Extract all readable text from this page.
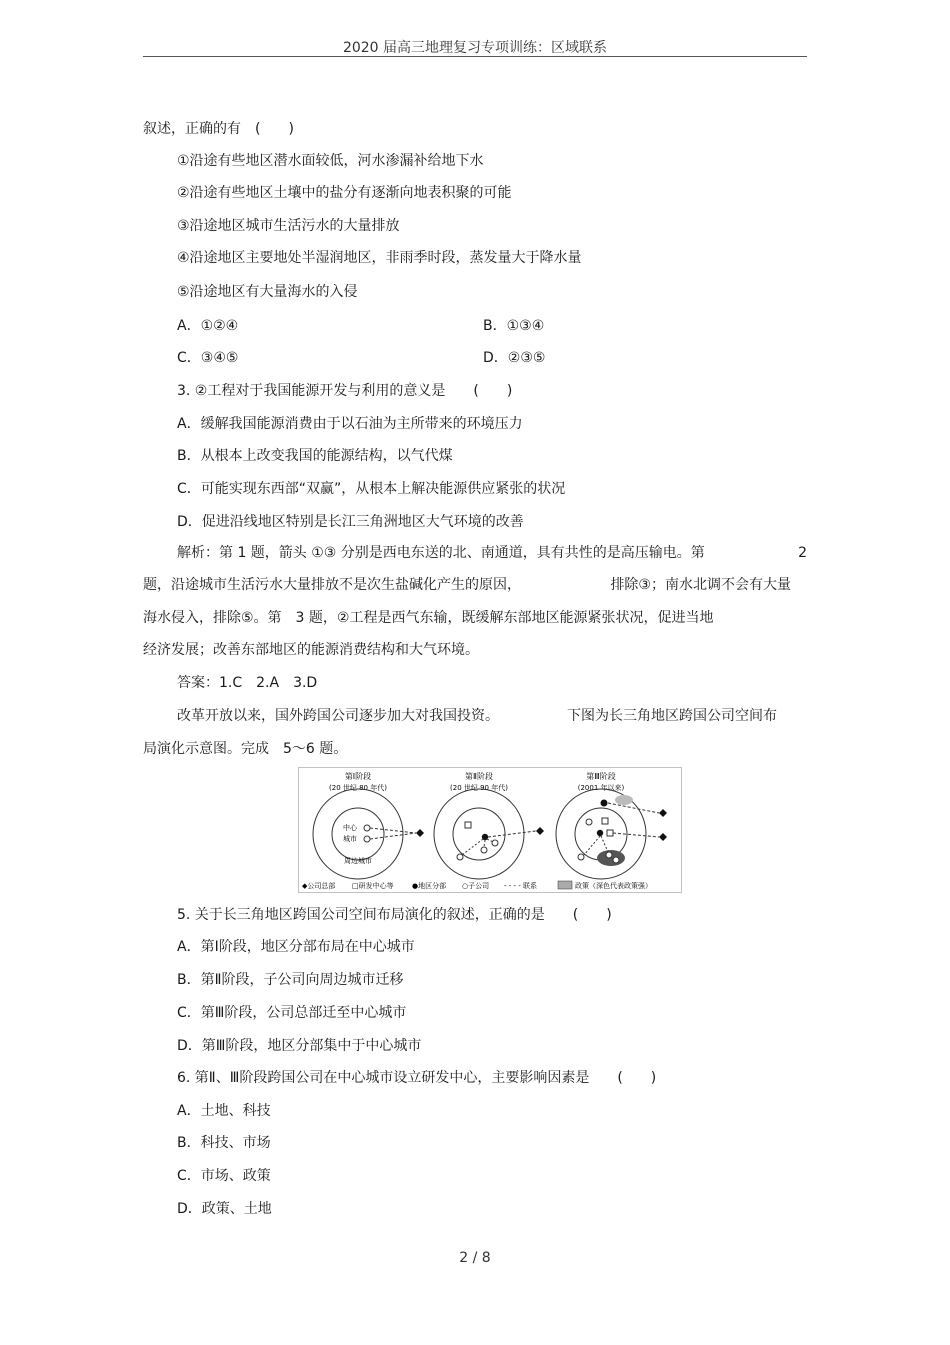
2020 届高三地理复习专项训练：区域联系
叙述，正确的有　(　　)
①沿途有些地区潜水面较低，河水渗漏补给地下水
②沿途有些地区土壤中的盐分有逐渐向地表积聚的可能
③沿途地区城市生活污水的大量排放
④沿途地区主要地处半湿润地区，非雨季时段，蒸发量大于降水量
⑤沿途地区有大量海水的入侵
A．①②④	B．①③④
C．③④⑤	D．②③⑤
3. ②工程对于我国能源开发与利用的意义是　　(　　)
A．缓解我国能源消费由于以石油为主所带来的环境压力
B．从根本上改变我国的能源结构，以气代煤
C．可能实现东西部“双赢”，从根本上解决能源供应紧张的状况
D．促进沿线地区特别是长江三角洲地区大气环境的改善
解析：第 1 题，箭头 ①③ 分别是西电东送的北、南通道，具有共性的是高压输电。第	2
题，沿途城市生活污水大量排放不是次生盐碱化产生的原因，	排除③；南水北调不会有大量
海水侵入，排除⑤。第　3 题，②工程是西气东输，既缓解东部地区能源紧张状况，促进当地
经济发展；改善东部地区的能源消费结构和大气环境。
答案：1.C　2.A　3.D
改革开放以来，国外跨国公司逐步加大对我国投资。	下图为长三角地区跨国公司空间布
局演化示意图。完成　5～6 题。
第Ⅰ阶段
(20 世纪 80 年代)
中心
城市
周边城市
第Ⅱ阶段
(20 世纪 90 年代)
第Ⅲ阶段
(2001 年以来)
◆公司总部 □研发中心等	●地区分部 ○子公司 - - - - 联系	政策（深色代表政策强）
5. 关于长三角地区跨国公司空间布局演化的叙述，正确的是　　(　　)
A．第Ⅰ阶段，地区分部布局在中心城市
B．第Ⅱ阶段，子公司向周边城市迁移
C．第Ⅲ阶段，公司总部迁至中心城市
D．第Ⅲ阶段，地区分部集中于中心城市
6. 第Ⅱ、Ⅲ阶段跨国公司在中心城市设立研发中心，主要影响因素是　　(　　)
A．土地、科技
B．科技、市场
C．市场、政策
D．政策、土地
2 / 8
